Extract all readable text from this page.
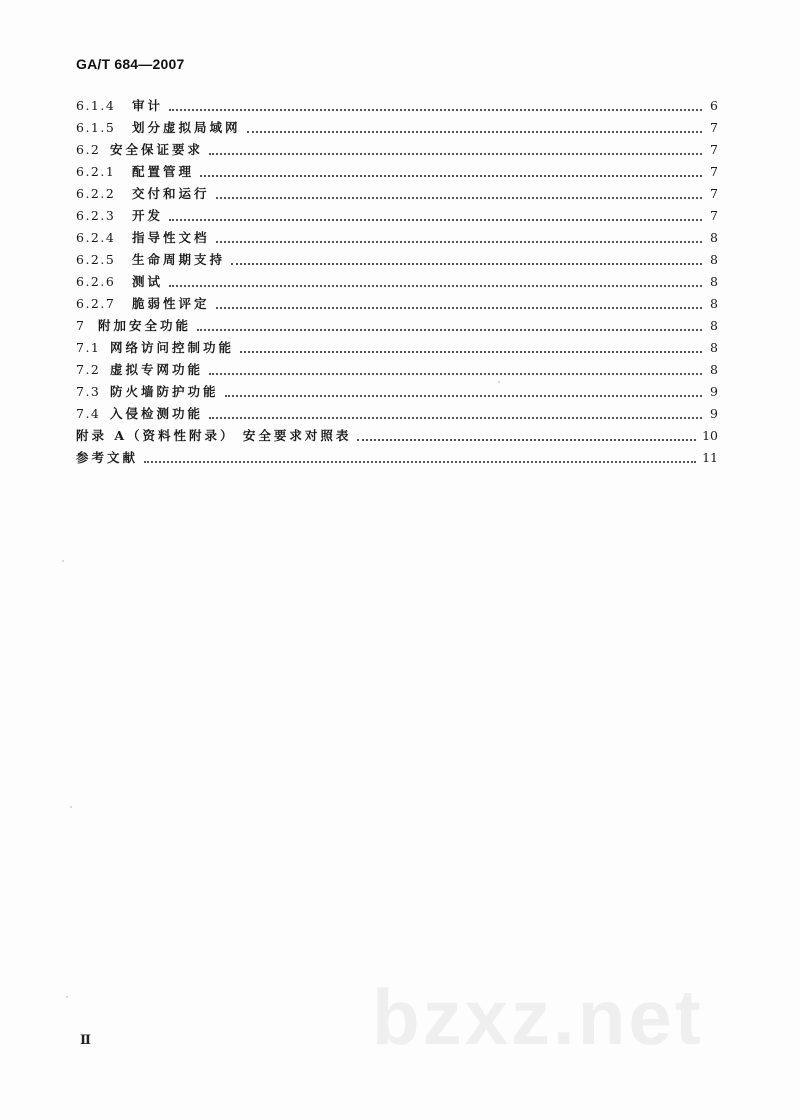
GA/T 684—2007
6.1.4	审计	6
6.1.5	划分虚拟局域网	7
6.2 安全保证要求	7
6.2.1	配置管理	7
6.2.2	交付和运行	7
6.2.3	开发	7
6.2.4	指导性文档	8
6.2.5	生命周期支持	8
6.2.6	测试	8
6.2.7	脆弱性评定	8
7	附加安全功能	8
7.1 网络访问控制功能	8
7.2 虚拟专网功能	8
7.3 防火墙防护功能	9
7.4 入侵检测功能	9
附录 A（资料性附录） 安全要求对照表	10
参考文献	11
Ⅱ	bzxz.net
